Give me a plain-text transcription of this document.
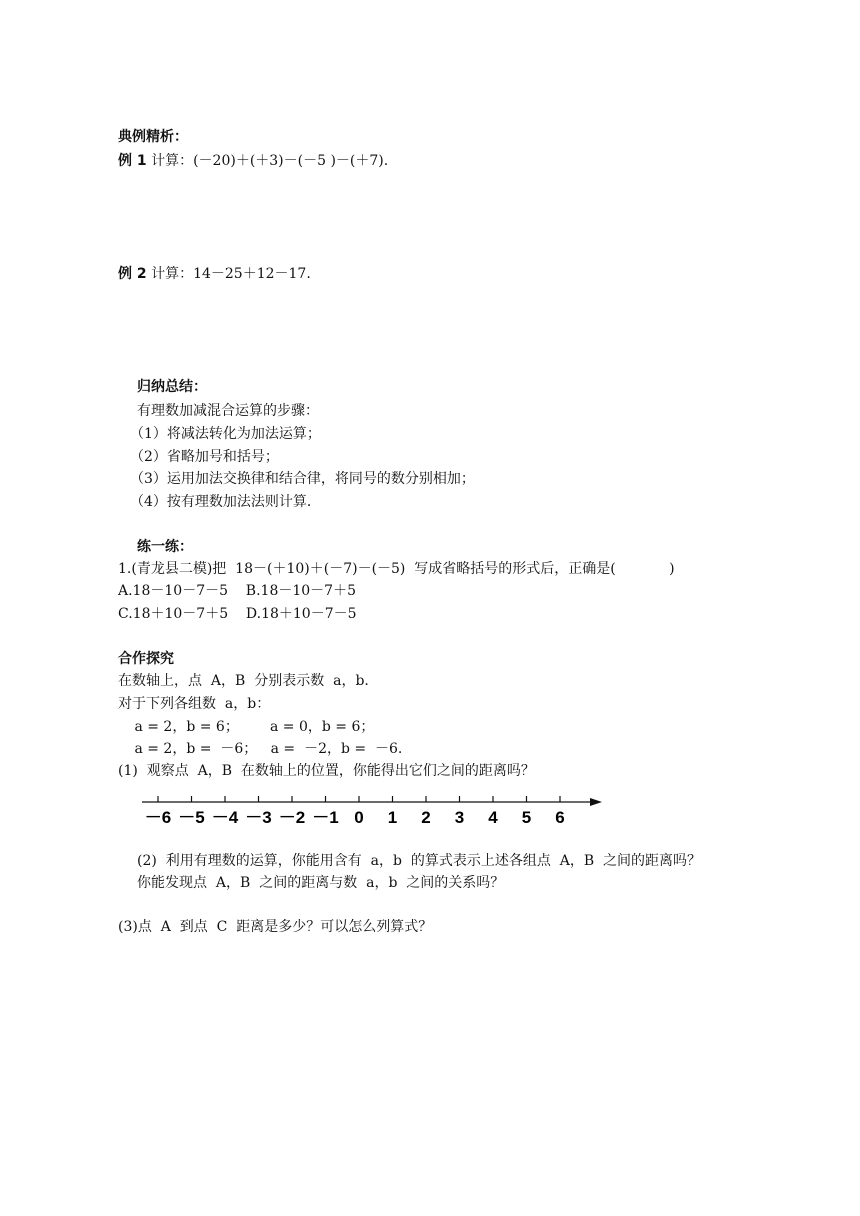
典例精析：
例 1 计算：(－20)＋(＋3)－(－5 )－(＋7).
例 2 计算：14－25＋12－17.
归纳总结：
有理数加减混合运算的步骤：
（1）将减法转化为加法运算；
（2）省略加号和括号；
（3）运用加法交换律和结合律，将同号的数分别相加；
（4）按有理数加法法则计算．
练一练：
1.(青龙县二模)把  18－(＋10)＋(－7)－(－5)  写成省略括号的形式后，正确是(            )
A.18－10－7－5    B.18－10－7＋5
C.18＋10－7＋5    D.18＋10－7－5
合作探究
在数轴上，点  A，B  分别表示数  a，b.
对于下列各组数  a，b：
a = 2，b = 6；       a = 0，b = 6；
a = 2，b =  －6；   a =  －2，b =  －6.
(1)  观察点  A，B  在数轴上的位置，你能得出它们之间的距离吗？
－6 －5 －4 －3 －2 －1 0 1 2 3 4 5 6
(2)  利用有理数的运算，你能用含有  a，b  的算式表示上述各组点  A，B  之间的距离吗？
你能发现点  A，B  之间的距离与数  a，b  之间的关系吗？
(3)点  A  到点  C  距离是多少？可以怎么列算式？
